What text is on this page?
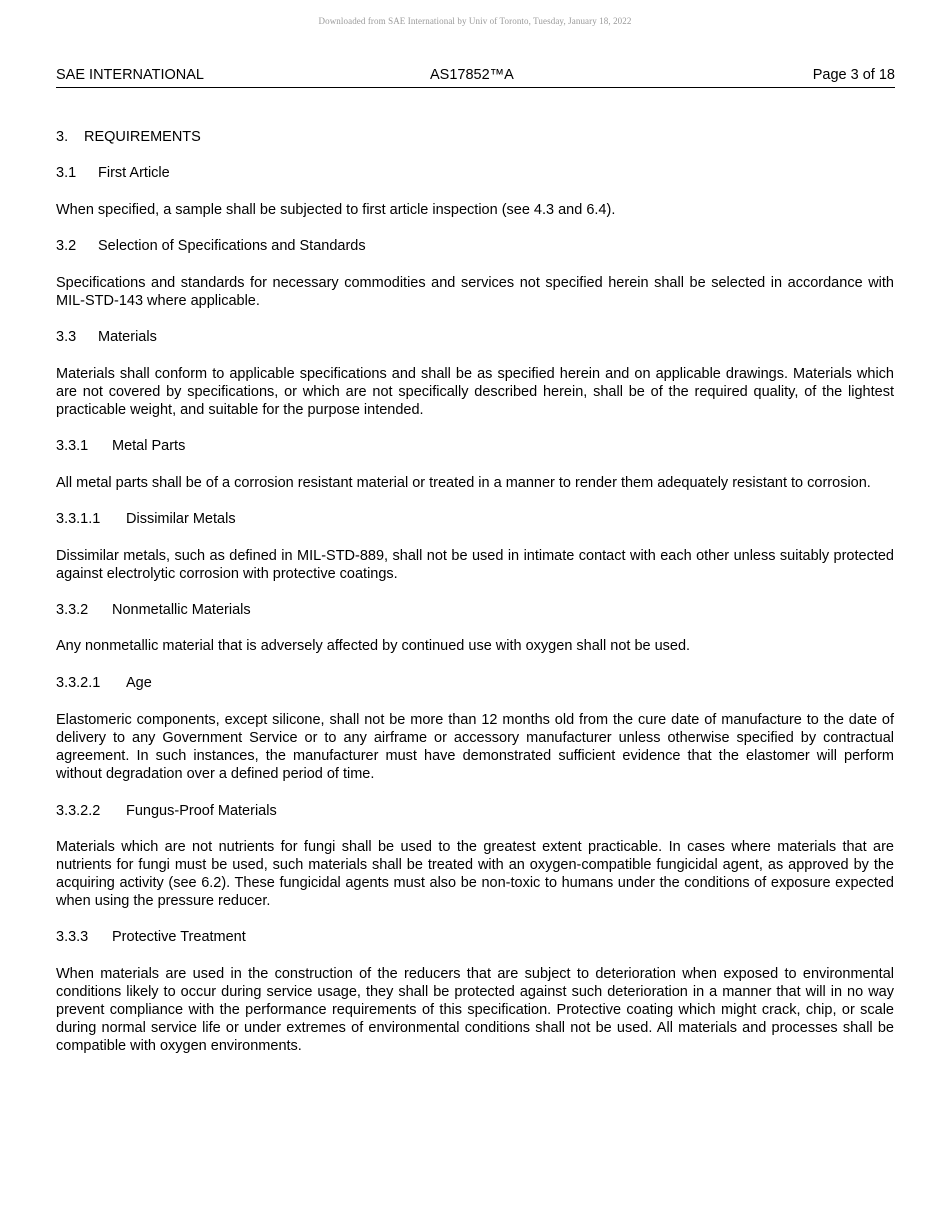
Downloaded from SAE International by Univ of Toronto, Tuesday, January 18, 2022
SAE INTERNATIONAL	AS17852™A	Page 3 of 18
3.	REQUIREMENTS
3.1	First Article

When specified, a sample shall be subjected to first article inspection (see 4.3 and 6.4).

3.2	Selection of Specifications and Standards

Specifications and standards for necessary commodities and services not specified herein shall be selected in accordance with MIL-STD-143 where applicable.

3.3	Materials

Materials shall conform to applicable specifications and shall be as specified herein and on applicable drawings. Materials which are not covered by specifications, or which are not specifically described herein, shall be of the required quality, of the lightest practicable weight, and suitable for the purpose intended.

3.3.1	Metal Parts

All metal parts shall be of a corrosion resistant material or treated in a manner to render them adequately resistant to corrosion.

3.3.1.1	Dissimilar Metals

Dissimilar metals, such as defined in MIL-STD-889, shall not be used in intimate contact with each other unless suitably protected against electrolytic corrosion with protective coatings.

3.3.2	Nonmetallic Materials

Any nonmetallic material that is adversely affected by continued use with oxygen shall not be used.

3.3.2.1	Age

Elastomeric components, except silicone, shall not be more than 12 months old from the cure date of manufacture to the date of delivery to any Government Service or to any airframe or accessory manufacturer unless otherwise specified by contractual agreement. In such instances, the manufacturer must have demonstrated sufficient evidence that the elastomer will perform without degradation over a defined period of time.

3.3.2.2	Fungus-Proof Materials

Materials which are not nutrients for fungi shall be used to the greatest extent practicable. In cases where materials that are nutrients for fungi must be used, such materials shall be treated with an oxygen-compatible fungicidal agent, as approved by the acquiring activity (see 6.2). These fungicidal agents must also be non-toxic to humans under the conditions of exposure expected when using the pressure reducer.

3.3.3	Protective Treatment

When materials are used in the construction of the reducers that are subject to deterioration when exposed to environmental conditions likely to occur during service usage, they shall be protected against such deterioration in a manner that will in no way prevent compliance with the performance requirements of this specification. Protective coating which might crack, chip, or scale during normal service life or under extremes of environmental conditions shall not be used. All materials and processes shall be compatible with oxygen environments.
